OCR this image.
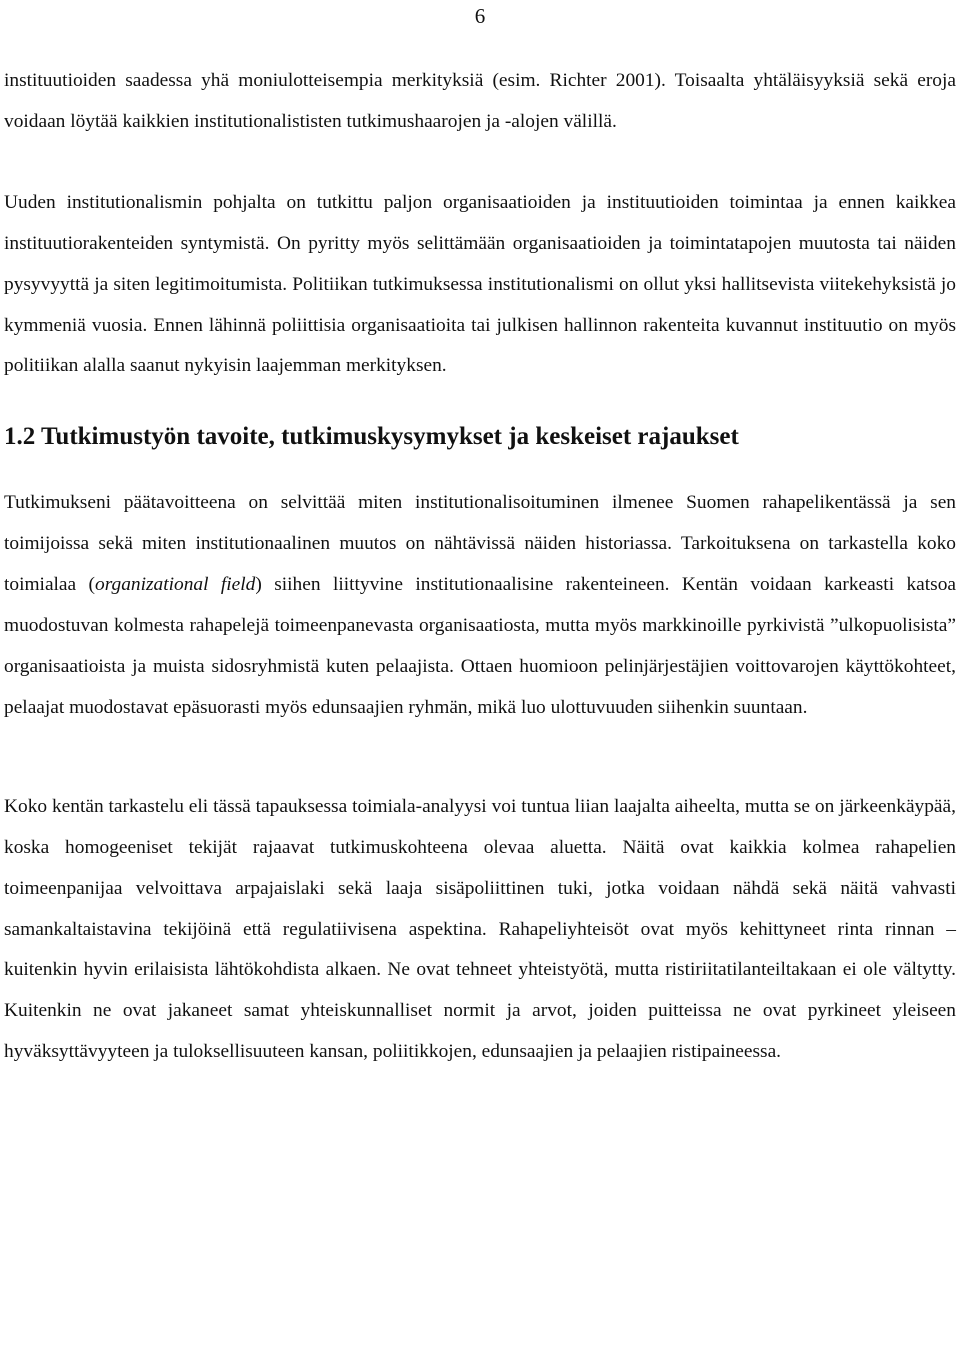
6

instituutioiden saadessa yhä moniulotteisempia merkityksiä (esim. Richter 2001). Toisaalta yhtäläisyyksiä sekä eroja voidaan löytää kaikkien institutionalististen tutkimushaarojen ja -alojen välillä.

Uuden institutionalismin pohjalta on tutkittu paljon organisaatioiden ja instituutioiden toimintaa ja ennen kaikkea instituutiorakenteiden syntymistä. On pyritty myös selittämään organisaatioiden ja toimintatapojen muutosta tai näiden pysyvyyttä ja siten legitimoitumista. Politiikan tutkimuksessa institutionalismi on ollut yksi hallitsevista viitekehyksistä jo kymmeniä vuosia. Ennen lähinnä poliittisia organisaatioita tai julkisen hallinnon rakenteita kuvannut instituutio on myös politiikan alalla saanut nykyisin laajemman merkityksen.

1.2 Tutkimustyön tavoite, tutkimuskysymykset ja keskeiset rajaukset

Tutkimukseni päätavoitteena on selvittää miten institutionalisoituminen ilmenee Suomen rahapelikentässä ja sen toimijoissa sekä miten institutionaalinen muutos on nähtävissä näiden historiassa. Tarkoituksena on tarkastella koko toimialaa (organizational field) siihen liittyvine institutionaalisine rakenteineen. Kentän voidaan karkeasti katsoa muodostuvan kolmesta rahapelejä toimeenpanevasta organisaatiosta, mutta myös markkinoille pyrkivistä ”ulkopuolisista” organisaatioista ja muista sidosryhmistä kuten pelaajista. Ottaen huomioon pelinjärjestäjien voittovarojen käyttökohteet, pelaajat muodostavat epäsuorasti myös edunsaajien ryhmän, mikä luo ulottuvuuden siihenkin suuntaan.

Koko kentän tarkastelu eli tässä tapauksessa toimiala-analyysi voi tuntua liian laajalta aiheelta, mutta se on järkeenkäypää, koska homogeeniset tekijät rajaavat tutkimuskohteena olevaa aluetta. Näitä ovat kaikkia kolmea rahapelien toimeenpanijaa velvoittava arpajaislaki sekä laaja sisäpoliittinen tuki, jotka voidaan nähdä sekä näitä vahvasti samankaltaistavina tekijöinä että regulatiivisena aspektina. Rahapeliyhteisöt ovat myös kehittyneet rinta rinnan – kuitenkin hyvin erilaisista lähtökohdista alkaen. Ne ovat tehneet yhteistyötä, mutta ristiriitatilanteiltakaan ei ole vältytty. Kuitenkin ne ovat jakaneet samat yhteiskunnalliset normit ja arvot, joiden puitteissa ne ovat pyrkineet yleiseen hyväksyttävyyteen ja tuloksellisuuteen kansan, poliitikkojen, edunsaajien ja pelaajien ristipaineessa.
